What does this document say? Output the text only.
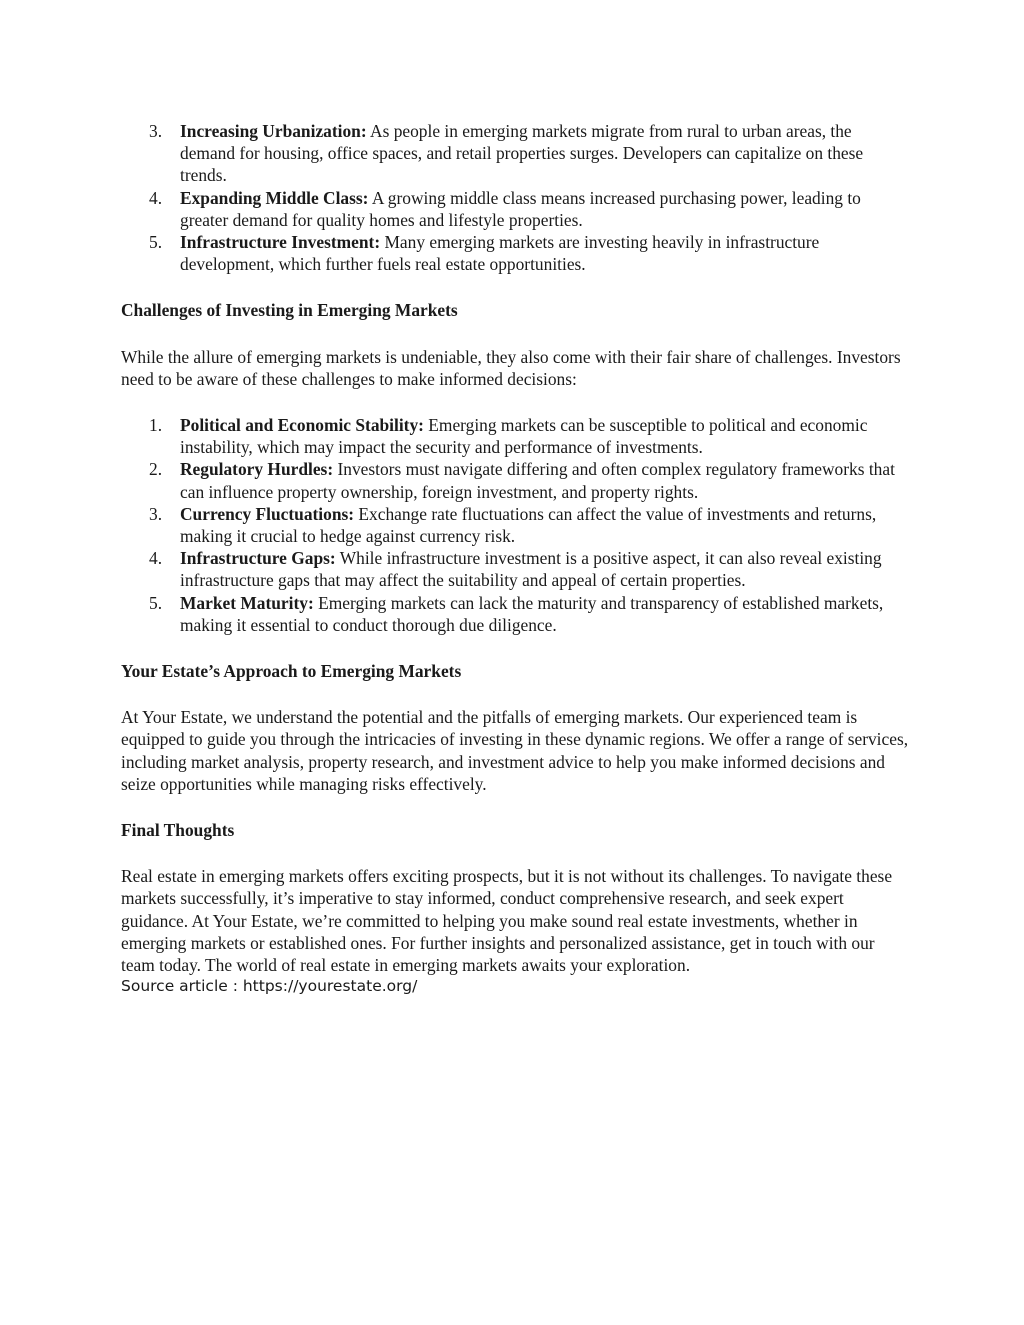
3. Increasing Urbanization: As people in emerging markets migrate from rural to urban areas, the demand for housing, office spaces, and retail properties surges. Developers can capitalize on these trends.
4. Expanding Middle Class: A growing middle class means increased purchasing power, leading to greater demand for quality homes and lifestyle properties.
5. Infrastructure Investment: Many emerging markets are investing heavily in infrastructure development, which further fuels real estate opportunities.

Challenges of Investing in Emerging Markets

While the allure of emerging markets is undeniable, they also come with their fair share of challenges. Investors need to be aware of these challenges to make informed decisions:

1. Political and Economic Stability: Emerging markets can be susceptible to political and economic instability, which may impact the security and performance of investments.
2. Regulatory Hurdles: Investors must navigate differing and often complex regulatory frameworks that can influence property ownership, foreign investment, and property rights.
3. Currency Fluctuations: Exchange rate fluctuations can affect the value of investments and returns, making it crucial to hedge against currency risk.
4. Infrastructure Gaps: While infrastructure investment is a positive aspect, it can also reveal existing infrastructure gaps that may affect the suitability and appeal of certain properties.
5. Market Maturity: Emerging markets can lack the maturity and transparency of established markets, making it essential to conduct thorough due diligence.

Your Estate’s Approach to Emerging Markets

At Your Estate, we understand the potential and the pitfalls of emerging markets. Our experienced team is equipped to guide you through the intricacies of investing in these dynamic regions. We offer a range of services, including market analysis, property research, and investment advice to help you make informed decisions and seize opportunities while managing risks effectively.

Final Thoughts

Real estate in emerging markets offers exciting prospects, but it is not without its challenges. To navigate these markets successfully, it’s imperative to stay informed, conduct comprehensive research, and seek expert guidance. At Your Estate, we’re committed to helping you make sound real estate investments, whether in emerging markets or established ones. For further insights and personalized assistance, get in touch with our team today. The world of real estate in emerging markets awaits your exploration.

Source article : https://yourestate.org/
